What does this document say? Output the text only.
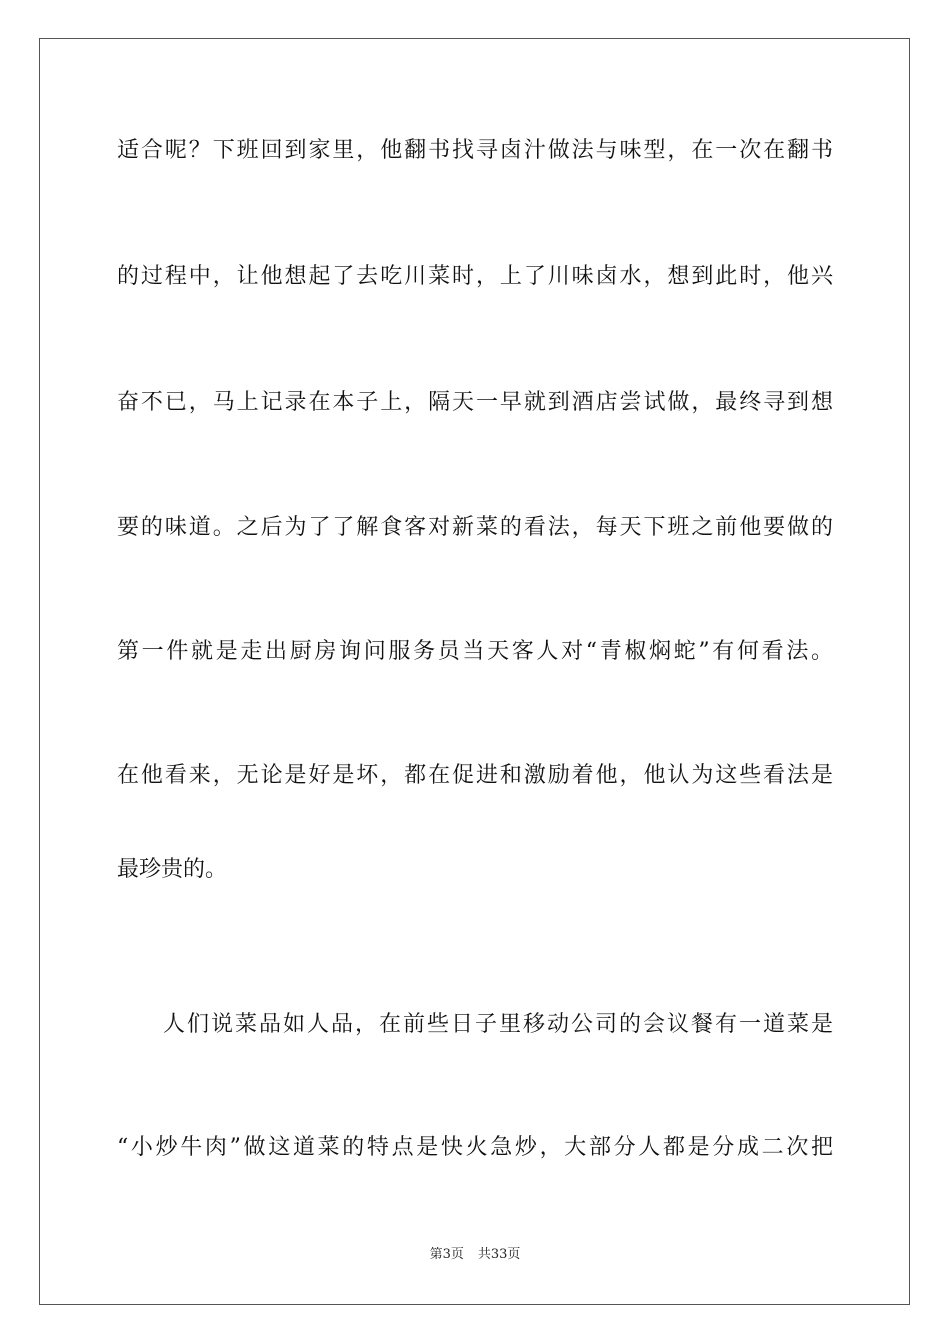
适合呢？下班回到家里，他翻书找寻卤汁做法与味型，在一次在翻书
的过程中，让他想起了去吃川菜时，上了川味卤水，想到此时，他兴
奋不已，马上记录在本子上，隔天一早就到酒店尝试做，最终寻到想
要的味道。之后为了了解食客对新菜的看法，每天下班之前他要做的
第一件就是走出厨房询问服务员当天客人对“青椒焖蛇”有何看法。
在他看来，无论是好是坏，都在促进和激励着他，他认为这些看法是
最珍贵的。
人们说菜品如人品，在前些日子里移动公司的会议餐有一道菜是
“小炒牛肉”做这道菜的特点是快火急炒，大部分人都是分成二次把
第3页 共33页
